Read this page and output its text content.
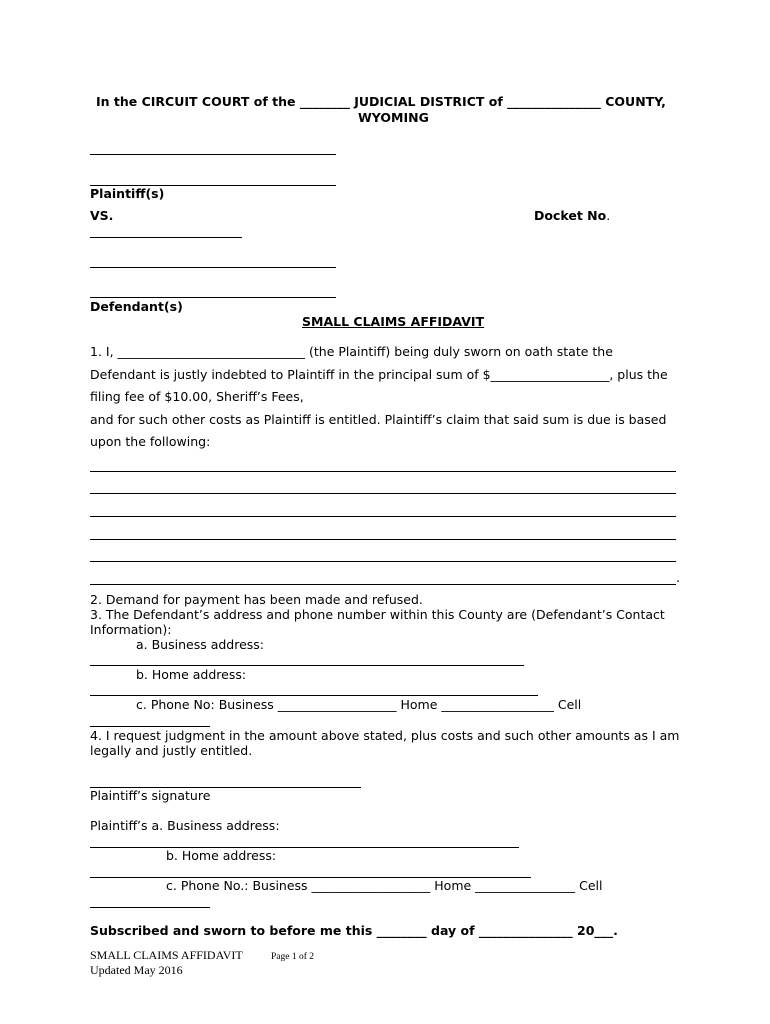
In the CIRCUIT COURT of the ________ JUDICIAL DISTRICT of _______________ COUNTY,
WYOMING
Plaintiff(s)
VS.	Docket No.
Defendant(s)
SMALL CLAIMS AFFIDAVIT
1. I, ______________________________ (the Plaintiff) being duly sworn on oath state the
Defendant is justly indebted to Plaintiff in the principal sum of $___________________, plus the
filing fee of $10.00, Sheriff’s Fees,
and for such other costs as Plaintiff is entitled. Plaintiff’s claim that said sum is due is based
upon the following:
.
2. Demand for payment has been made and refused.
3. The Defendant’s address and phone number within this County are (Defendant’s Contact
Information):
a. Business address:
b. Home address:
c. Phone No: Business ___________________ Home __________________ Cell
4. I request judgment in the amount above stated, plus costs and such other amounts as I am
legally and justly entitled.
Plaintiff’s signature
Plaintiff’s a. Business address:
b. Home address:
c. Phone No.: Business ___________________ Home ________________ Cell
Subscribed and sworn to before me this ________ day of _______________ 20___.
SMALL CLAIMS AFFIDAVIT	Page 1 of 2
Updated May 2016
